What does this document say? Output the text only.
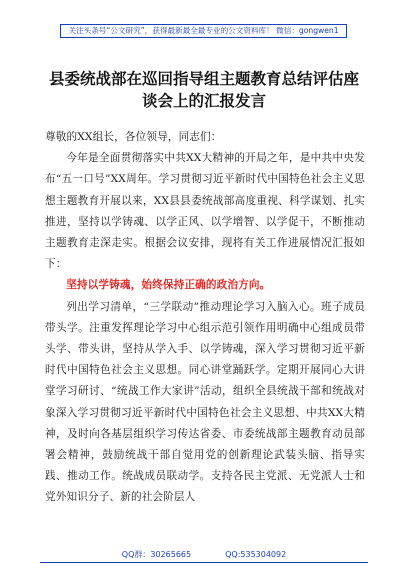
关注头条号“公文研究”，获得最新最全最专业的公文资料库！ 微信：gongwen1
县委统战部在巡回指导组主题教育总结评估座谈会上的汇报发言

尊敬的XX组长，各位领导，同志们：

今年是全面贯彻落实中共XX大精神的开局之年，是中共中央发布“五一口号”XX周年。学习贯彻习近平新时代中国特色社会主义思想主题教育开展以来，XX县县委统战部高度重视、科学谋划、扎实推进，坚持以学铸魂、以学正风、以学增智、以学促干，不断推动主题教育走深走实。根据会议安排，现将有关工作进展情况汇报如下：

坚持以学铸魂，始终保持正确的政治方向。

列出学习清单，“三学联动”推动理论学习入脑入心。班子成员带头学。注重发挥理论学习中心组示范引领作用明确中心组成员带头学、带头讲，坚持从学入手、以学铸魂，深入学习贯彻习近平新时代中国特色社会主义思想。同心讲堂踊跃学。定期开展同心大讲堂学习研讨、“统战工作大家讲”活动，组织全县统战干部和统战对象深入学习贯彻习近平新时代中国特色社会主义思想、中共XX大精神，及时向各基层组织学习传达省委、市委统战部主题教育动员部署会精神，鼓励统战干部自觉用党的创新理论武装头脑、指导实践、推动工作。统战成员联动学。支持各民主党派、无党派人士和党外知识分子、新的社会阶层人

QQ群：30265665	QQ:535304092
